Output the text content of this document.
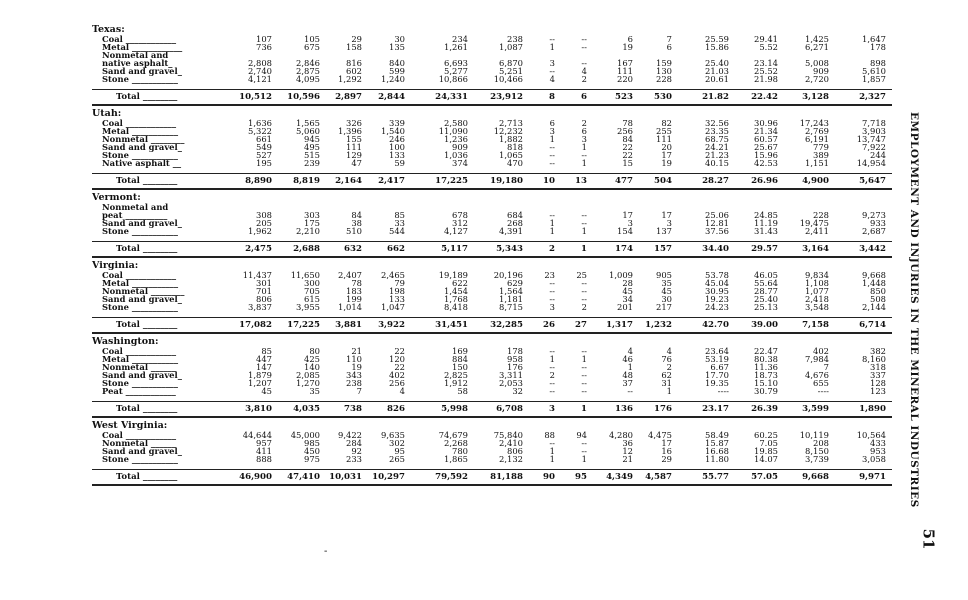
Texas:
Coal ____________	107	105	29	30	234	238	--	--	6	7	25.59	29.41	1,425	1,647
Metal ____________	736	675	158	135	1,261	1,087	1	--	19	6	15.86	5.52	6,271	178
Nonmetal and
native asphalt_	2,808	2,846	816	840	6,693	6,870	3	--	167	159	25.40	23.14	5,008	898
Sand and gravel_	2,740	2,875	602	599	5,277	5,251	--	4	111	130	21.03	25.52	909	5,610
Stone ___________	4,121	4,095 1,292 1,240	10,866	10,466	4	2	220	228	20.61	21.98	2,720	1,857
Total ________	10,512 10,596 2,897 2,844	24,331	23,912	8	6	523 530	21.82	22.42	3,128	2,327
Utah:
Coal ____________	1,636	1,565	326	339	2,580	2,713	6	2	78	82	32.56	30.96	17,243	7,718
Metal ___________	5,322	5,060 1,396 1,540	11,090	12,232	3	6	256	255	23.35	21.34	2,769	3,903
Nonmetal ________	661	945	155	246	1,236	1,882	1	3	84	111	68.75	60.57	6,191	13,747
Sand and gravel_	549	495	111	100	909	818	--	1	22	20	24.21	25.67	779	7,922
Stone ___________	527	515	129	133	1,036	1,065	--	--	22	17	21.23	15.96	389	244
Native asphalt __	195	239	47	59	374	470	--	1	15	19	40.15	42.53	1,151	14,954
Total ________	8,890 8,819 2,164 2,417	17,225	19,180 10 13	477 504	28.27	26.96	4,900	5,647
Vermont:
Nonmetal and
peat __________	308	303	84	85	678	684	--	--	17	17	25.06	24.85	228	9,273
Sand and gravel_	205	175	38	33	312	268	1	--	3	3	12.81	11.19	19,475	933
Stone ___________	1,962	2,210	510	544	4,127	4,391	1	1	154	137	37.56	31.43	2,411	2,687
Total ________	2,475 2,688	632	662	5,117	5,343	2	1	174 157	34.40	29.57	3,164	3,442
Virginia:
Coal ____________	11,437 11,650 2,407 2,465	19,189	20,196	23	25	1,009	905	53.78	46.05	9,834	9,668
Metal ___________	301	300	78	79	622	629	--	--	28	35	45.04	55.64	1,108	1,448
Nonmetal ________	701	705	183	198	1,454	1,564	--	--	45	45	30.95	28.77	1,077	850
Sand and gravel_	806	615	199	133	1,768	1,181	--	--	34	30	19.23	25.40	2,418	508
Stone ___________	3,837	3,955 1,014 1,047	8,418	8,715	3	2	201	217	24.23	25.13	3,548	2,144
Total ________	17,082 17,225 3,881 3,922	31,451	32,285 26 27 1,317 1,232	42.70	39.00	7,158	6,714
Washington:
Coal ____________	85	80	21	22	169	178	--	--	4	4	23.64	22.47	402	382
Metal ___________	447	425	110	120	884	958	1	1	46	76	53.19	80.38	7,984	8,160
Nonmetal ______	147	140	19	22	150	176	--	--	1	2	6.67	11.36	7	318
Sand and gravel_	1,879	2,085	343	402	2,825	3,311	2	--	48	62	17.70	18.73	4,676	337
Stone ___________	1,207	1,270	238	256	1,912	2,053	--	--	37	31	19.35	15.10	655	128
Peat ____________	45	35	7	4	58	32	--	--	--	1	----	30.79	----	123
Total ________	3,810 4,035	738	826	5,998	6,708	3	1	136 176	23.17	26.39	3,599	1,890
West Virginia:
Coal ____________	44,644 45,000 9,422 9,635	74,679	75,840	88	94	4,280 4,475	58.49	60.25	10,119	10,564
Nonmetal ______	957	985	284	302	2,268	2,410	--	--	36	17	15.87	7.05	208	433
Sand and gravel_	411	450	92	95	780	806	1	--	12	16	16.68	19.85	8,150	953
Stone ___________	888	975	233	265	1,865	2,132	1	1	21	29	11.80	14.07	3,739	3,058
Total ________	46,900 47,410 10,031 10,297	79,592	81,188 90 95 4,349 4,587	55.77	57.05	9,668	9,971 EMPLOYMENT AND INJURIES IN THE MINERAL INDUSTRIES
51
-
